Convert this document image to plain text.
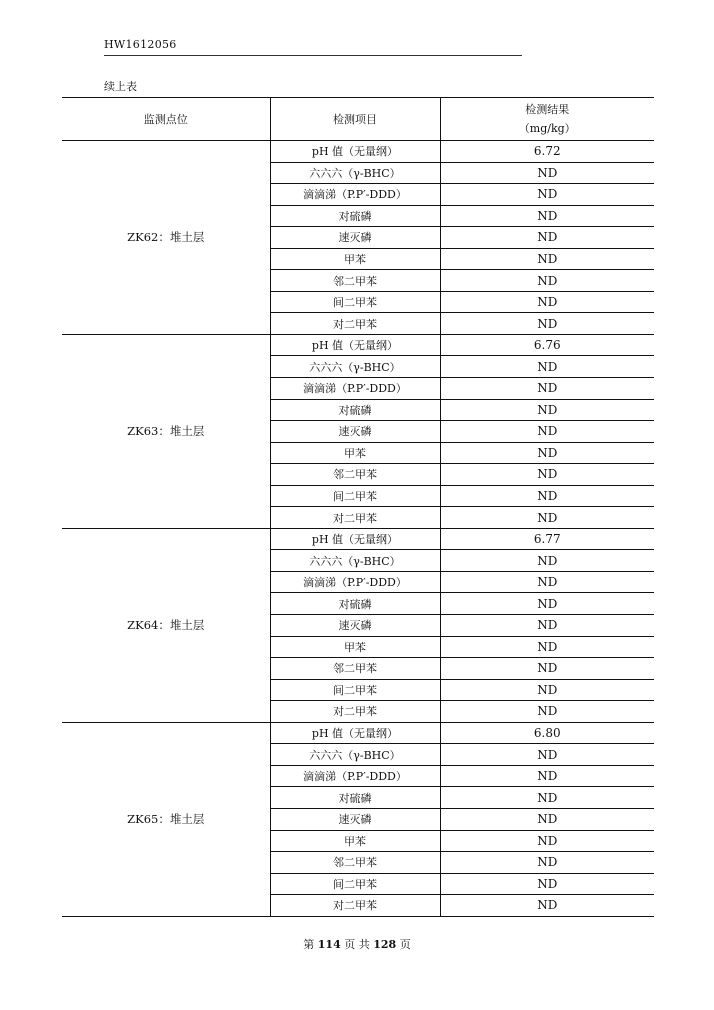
HW1612056
续上表
监测点位	检测项目	检测结果
（mg/kg）

ZK62：堆土层	pH 值（无量纲）	6.72
	六六六（γ-BHC）	ND
	滴滴涕（P.P′-DDD）	ND
	对硫磷	ND
	速灭磷	ND
	甲苯	ND
	邻二甲苯	ND
	间二甲苯	ND
	对二甲苯	ND
ZK63：堆土层	pH 值（无量纲）	6.76
	六六六（γ-BHC）	ND
	滴滴涕（P.P′-DDD）	ND
	对硫磷	ND
	速灭磷	ND
	甲苯	ND
	邻二甲苯	ND
	间二甲苯	ND
	对二甲苯	ND
ZK64：堆土层	pH 值（无量纲）	6.77
	六六六（γ-BHC）	ND
	滴滴涕（P.P′-DDD）	ND
	对硫磷	ND
	速灭磷	ND
	甲苯	ND
	邻二甲苯	ND
	间二甲苯	ND
	对二甲苯	ND
ZK65：堆土层	pH 值（无量纲）	6.80
	六六六（γ-BHC）	ND
	滴滴涕（P.P′-DDD）	ND
	对硫磷	ND
	速灭磷	ND
	甲苯	ND
	邻二甲苯	ND
	间二甲苯	ND
	对二甲苯	ND
第 114 页 共 128 页
